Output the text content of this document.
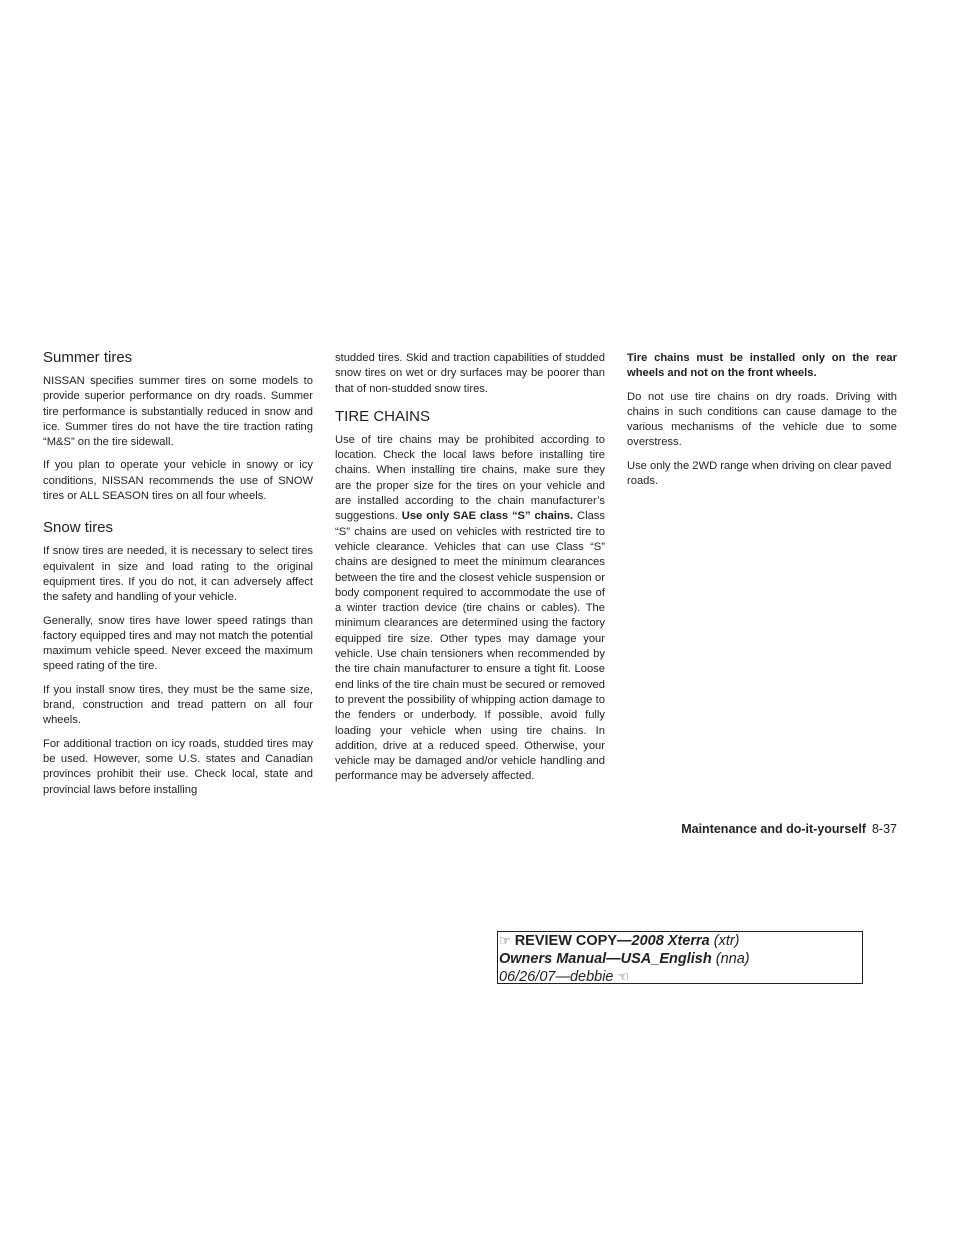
Summer tires

NISSAN specifies summer tires on some models to provide superior performance on dry roads. Summer tire performance is substantially reduced in snow and ice. Summer tires do not have the tire traction rating “M&S” on the tire sidewall.

If you plan to operate your vehicle in snowy or icy conditions, NISSAN recommends the use of SNOW tires or ALL SEASON tires on all four wheels.

Snow tires

If snow tires are needed, it is necessary to select tires equivalent in size and load rating to the original equipment tires. If you do not, it can adversely affect the safety and handling of your vehicle.

Generally, snow tires have lower speed ratings than factory equipped tires and may not match the potential maximum vehicle speed. Never exceed the maximum speed rating of the tire.

If you install snow tires, they must be the same size, brand, construction and tread pattern on all four wheels.

For additional traction on icy roads, studded tires may be used. However, some U.S. states and Canadian provinces prohibit their use. Check local, state and provincial laws before installing

studded tires. Skid and traction capabilities of studded snow tires on wet or dry surfaces may be poorer than that of non-studded snow tires.

TIRE CHAINS

Use of tire chains may be prohibited according to location. Check the local laws before installing tire chains. When installing tire chains, make sure they are the proper size for the tires on your vehicle and are installed according to the chain manufacturer’s suggestions. Use only SAE class “S” chains. Class “S” chains are used on vehicles with restricted tire to vehicle clearance. Vehicles that can use Class “S” chains are designed to meet the minimum clearances between the tire and the closest vehicle suspension or body component required to accommodate the use of a winter traction device (tire chains or cables). The minimum clearances are determined using the factory equipped tire size. Other types may damage your vehicle. Use chain tensioners when recommended by the tire chain manufacturer to ensure a tight fit. Loose end links of the tire chain must be secured or removed to prevent the possibility of whipping action damage to the fenders or underbody. If possible, avoid fully loading your vehicle when using tire chains. In addition, drive at a reduced speed. Otherwise, your vehicle may be damaged and/or vehicle handling and performance may be adversely affected.

Tire chains must be installed only on the rear wheels and not on the front wheels.

Do not use tire chains on dry roads. Driving with chains in such conditions can cause damage to the various mechanisms of the vehicle due to some overstress.

Use only the 2WD range when driving on clear paved roads.

Maintenance and do-it-yourself 8-37
☞ REVIEW COPY—2008 Xterra (xtr)
Owners Manual—USA_English (nna)
06/26/07—debbie ☜
